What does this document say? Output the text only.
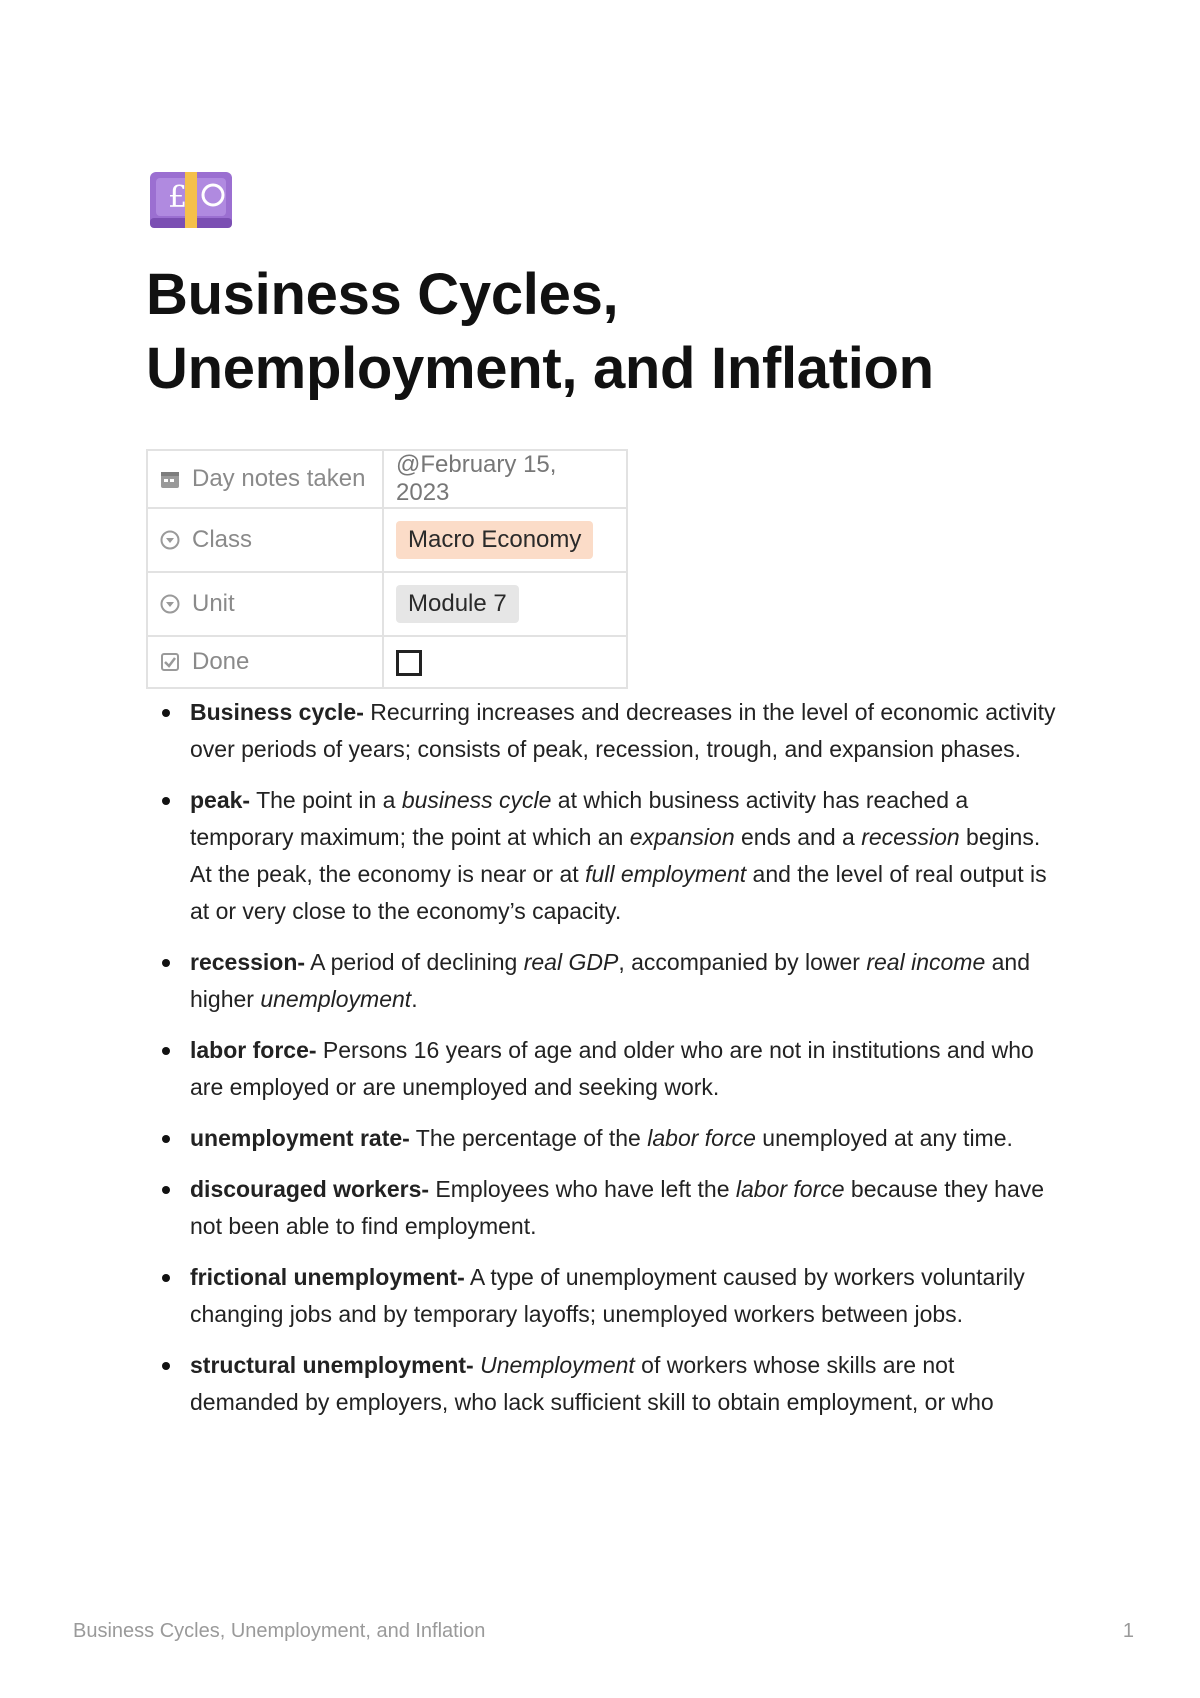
£
Business Cycles,
Unemployment, and Inflation
Day notes taken	@February 15, 2023

Class	Macro Economy

Unit	Module 7

Done	

Business cycle- Recurring increases and decreases in the level of economic activity over periods of years; consists of peak, recession, trough, and expansion phases.
peak- The point in a business cycle at which business activity has reached a temporary maximum; the point at which an expansion ends and a recession begins. At the peak, the economy is near or at full employment and the level of real output is at or very close to the economy’s capacity.
recession- A period of declining real GDP, accompanied by lower real income and higher unemployment.
labor force- Persons 16 years of age and older who are not in institutions and who are employed or are unemployed and seeking work.
unemployment rate- The percentage of the labor force unemployed at any time.
discouraged workers- Employees who have left the labor force because they have not been able to find employment.
frictional unemployment- A type of unemployment caused by workers voluntarily changing jobs and by temporary layoffs; unemployed workers between jobs.
structural unemployment- Unemployment of workers whose skills are not demanded by employers, who lack sufficient skill to obtain employment, or who
Business Cycles, Unemployment, and Inflation	1
